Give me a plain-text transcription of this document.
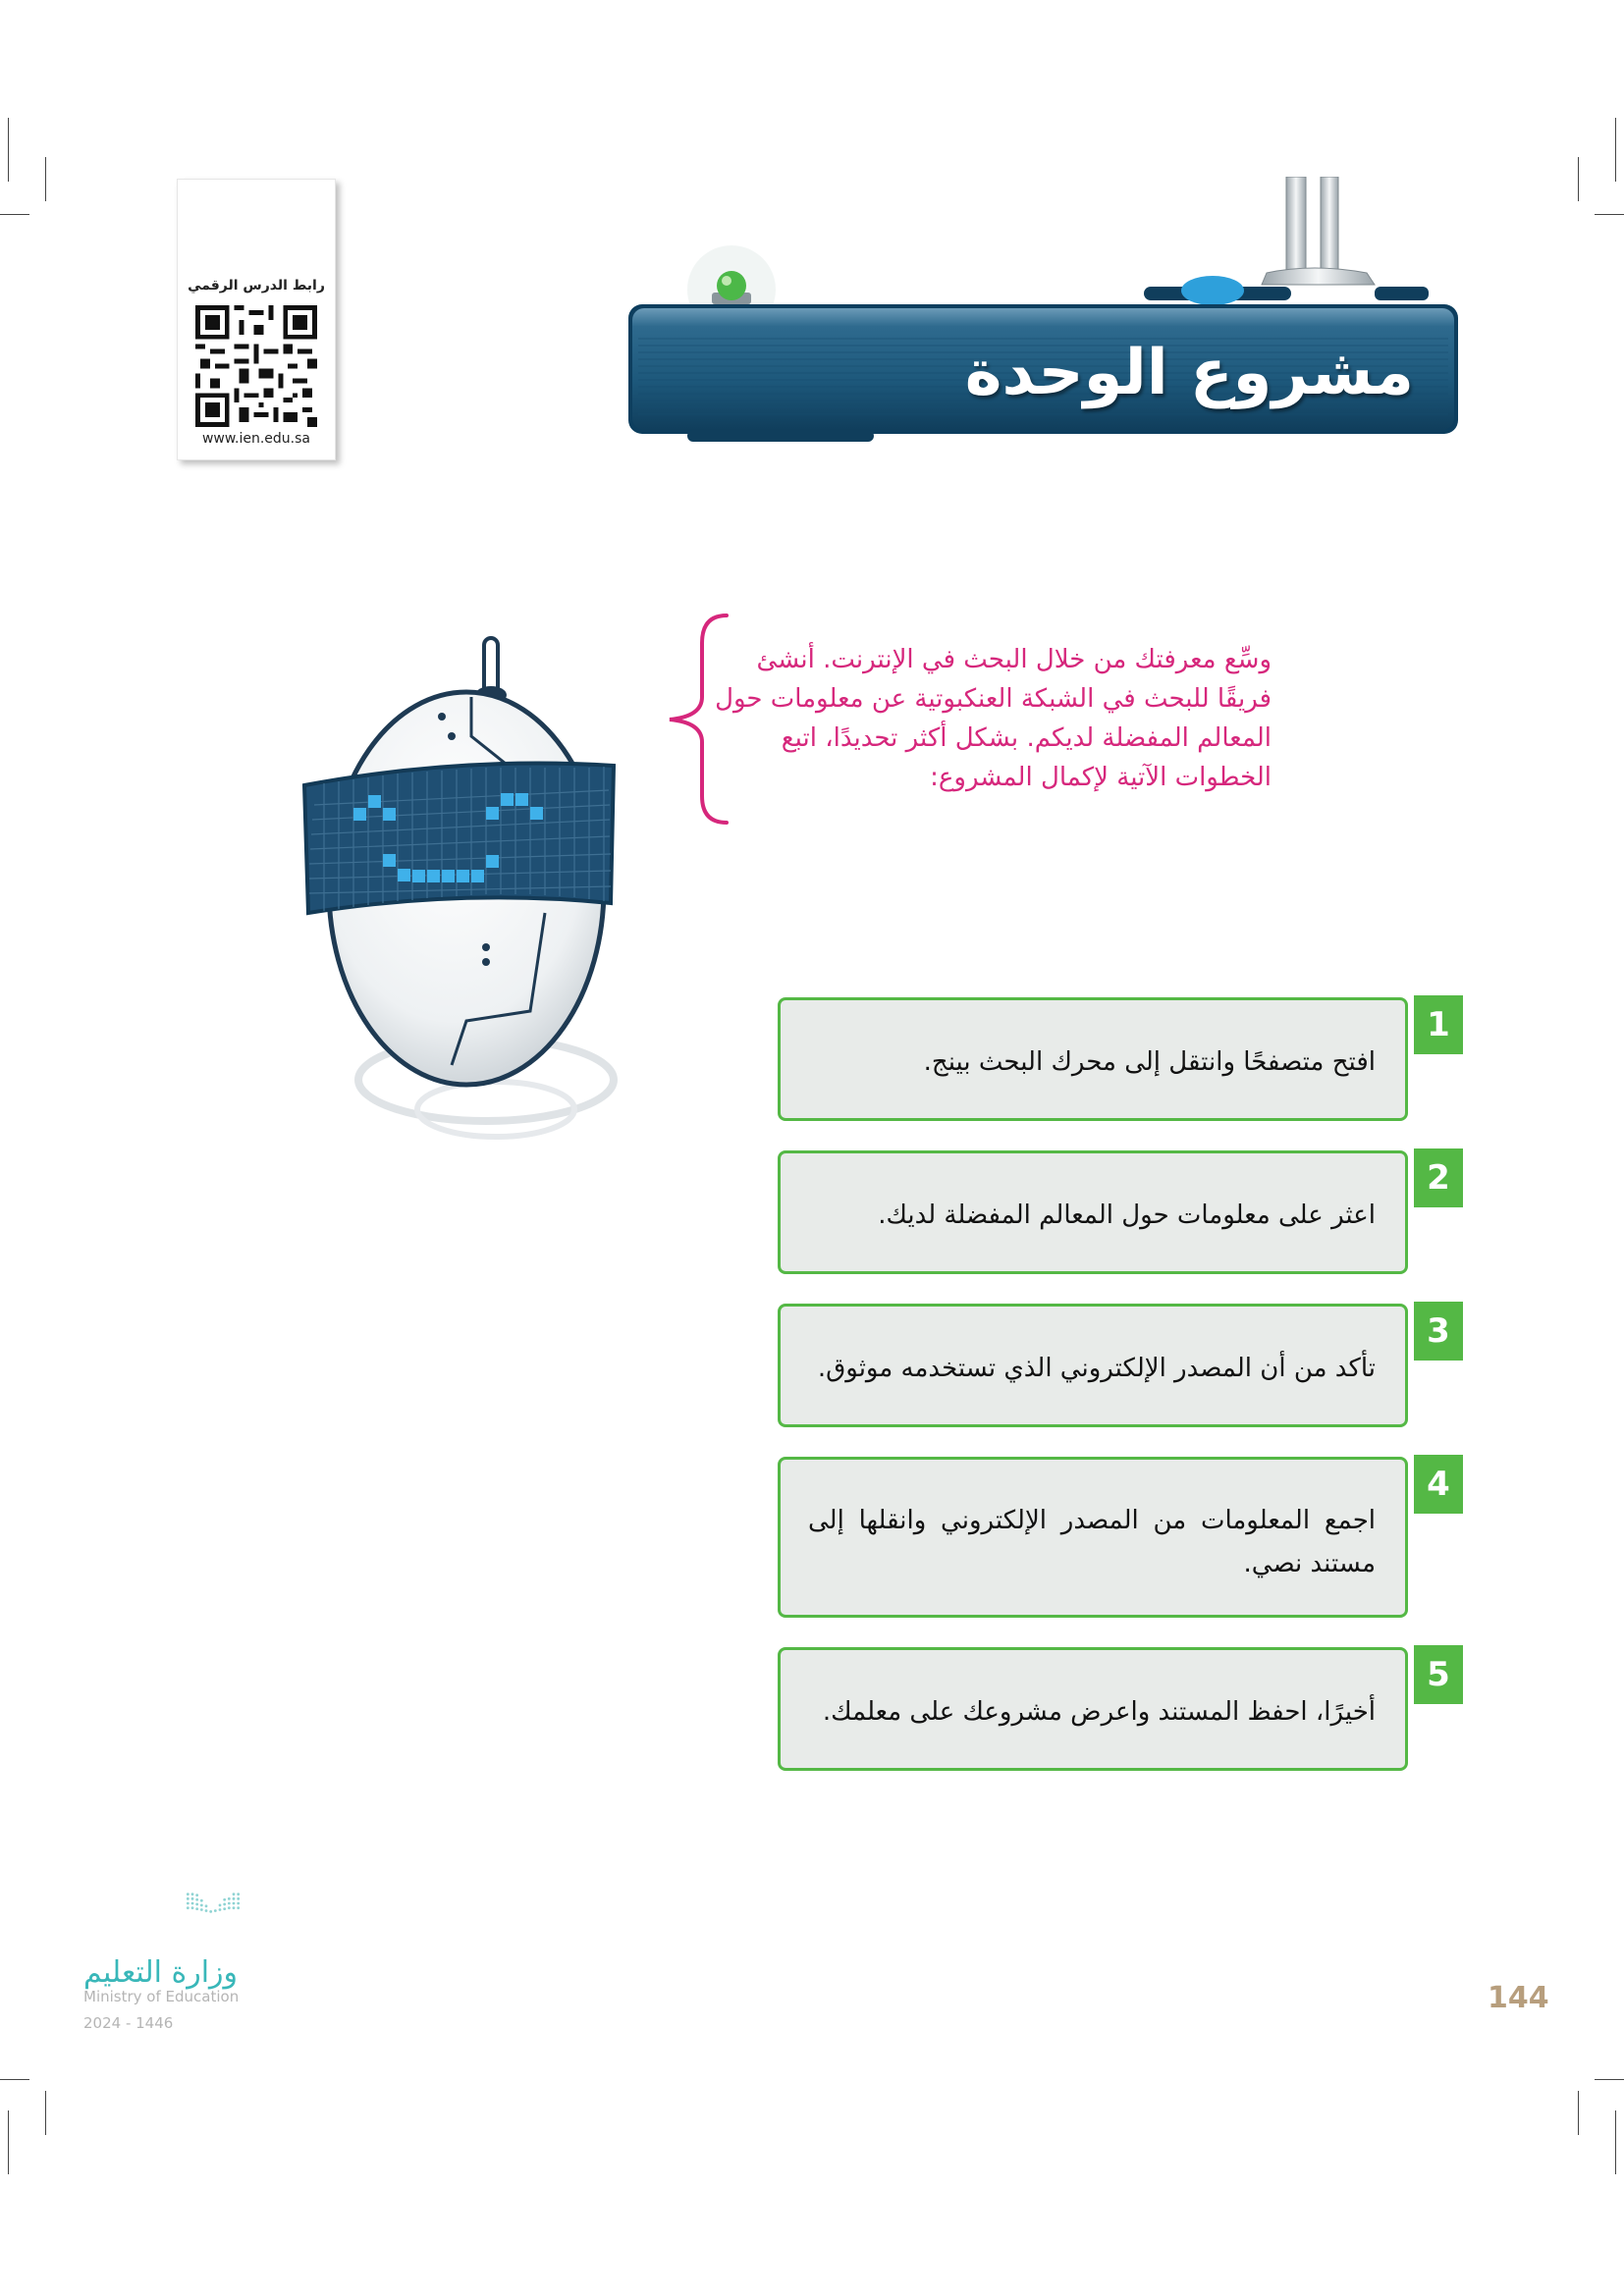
رابط الدرس الرقمي
www.ien.edu.sa
مشروع الوحدة
وسِّع معرفتك من خلال البحث في الإنترنت. أنشئ فريقًا للبحث في الشبكة العنكبوتية عن معلومات حول المعالم المفضلة لديكم. بشكل أكثر تحديدًا، اتبع الخطوات الآتية لإكمال المشروع:
افتح متصفحًا وانتقل إلى محرك البحث بينج.
1
اعثر على معلومات حول المعالم المفضلة لديك.
2
تأكد من أن المصدر الإلكتروني الذي تستخدمه موثوق.
3
اجمع المعلومات من المصدر الإلكتروني وانقلها إلى مستند نصي.
4
أخيرًا، احفظ المستند واعرض مشروعك على معلمك.
5
وزارة التعليم
Ministry of Education
2024 - 1446
144
